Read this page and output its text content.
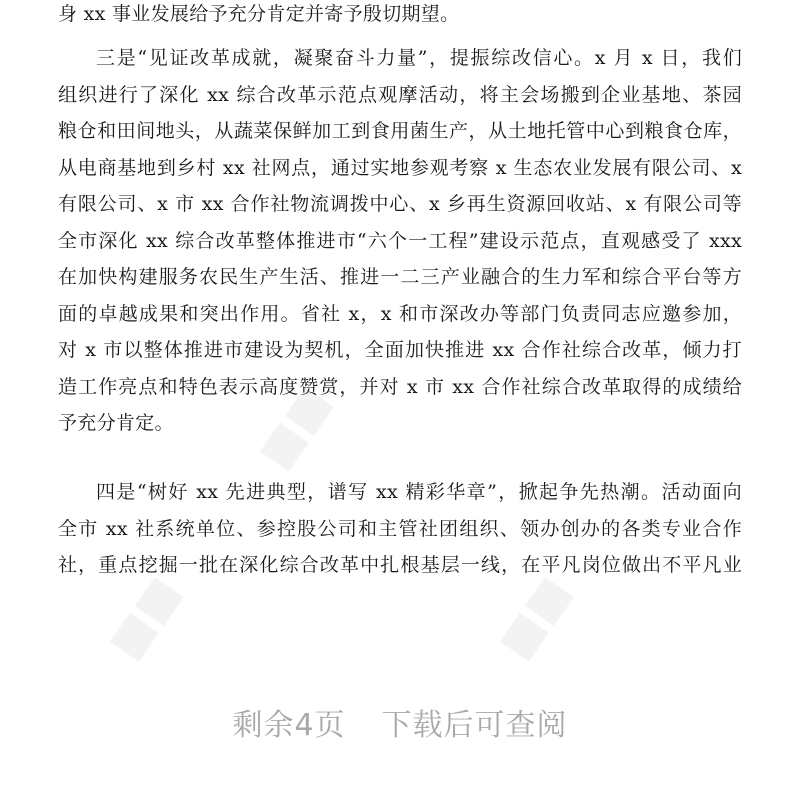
身 xx 事业发展给予充分肯定并寄予殷切期望。
三是“见证改革成就，凝聚奋斗力量”，提振综改信心。x 月 x 日，我们
组织进行了深化 xx 综合改革示范点观摩活动，将主会场搬到企业基地、茶园
粮仓和田间地头，从蔬菜保鲜加工到食用菌生产，从土地托管中心到粮食仓库，
从电商基地到乡村 xx 社网点，通过实地参观考察 x 生态农业发展有限公司、x
有限公司、x 市 xx 合作社物流调拨中心、x 乡再生资源回收站、x 有限公司等
全市深化 xx 综合改革整体推进市“六个一工程”建设示范点，直观感受了 xxx
在加快构建服务农民生产生活、推进一二三产业融合的生力军和综合平台等方
面的卓越成果和突出作用。省社 x，x 和市深改办等部门负责同志应邀参加，
对 x 市以整体推进市建设为契机，全面加快推进 xx 合作社综合改革，倾力打
造工作亮点和特色表示高度赞赏，并对 x 市 xx 合作社综合改革取得的成绩给
予充分肯定。
四是“树好 xx 先进典型，谱写 xx 精彩华章”，掀起争先热潮。活动面向
全市 xx 社系统单位、参控股公司和主管社团组织、领办创办的各类专业合作
社，重点挖掘一批在深化综合改革中扎根基层一线，在平凡岗位做出不平凡业
剩余4页 下载后可查阅
